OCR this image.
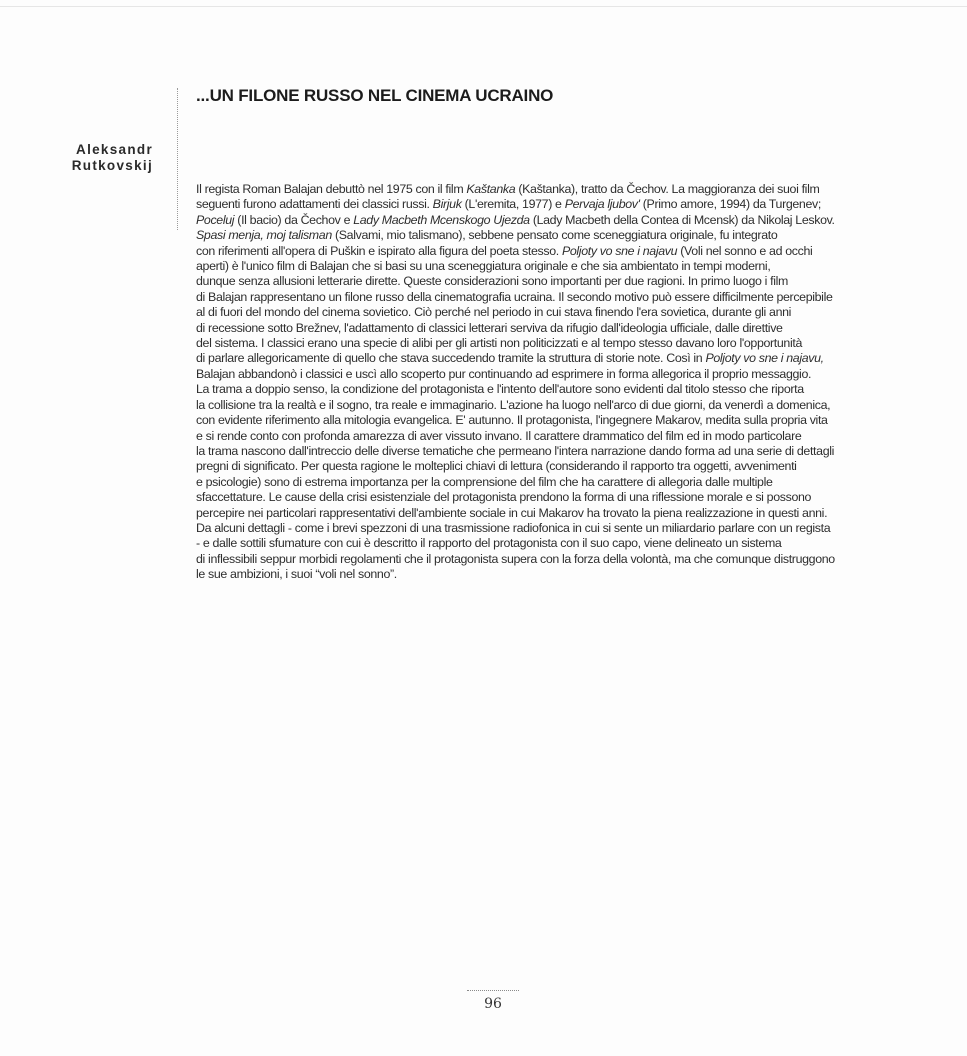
...UN FILONE RUSSO NEL CINEMA UCRAINO
Aleksandr
Rutkovskij
Il regista Roman Balajan debuttò nel 1975 con il film Kaštanka (Kaštanka), tratto da Čechov. La maggioranza dei suoi film
seguenti furono adattamenti dei classici russi. Birjuk (L'eremita, 1977) e Pervaja ljubov' (Primo amore, 1994) da Turgenev;
Poceluj (Il bacio) da Čechov e Lady Macbeth Mcenskogo Ujezda (Lady Macbeth della Contea di Mcensk) da Nikolaj Leskov.
Spasi menja, moj talisman (Salvami, mio talismano), sebbene pensato come sceneggiatura originale, fu integrato
con riferimenti all'opera di Puškin e ispirato alla figura del poeta stesso. Poljoty vo sne i najavu (Voli nel sonno e ad occhi
aperti) è l'unico film di Balajan che si basi su una sceneggiatura originale e che sia ambientato in tempi moderni,
dunque senza allusioni letterarie dirette. Queste considerazioni sono importanti per due ragioni. In primo luogo i film
di Balajan rappresentano un filone russo della cinematografia ucraina. Il secondo motivo può essere difficilmente percepibile
al di fuori del mondo del cinema sovietico. Ciò perché nel periodo in cui stava finendo l'era sovietica, durante gli anni
di recessione sotto Brežnev, l'adattamento di classici letterari serviva da rifugio dall'ideologia ufficiale, dalle direttive
del sistema. I classici erano una specie di alibi per gli artisti non politicizzati e al tempo stesso davano loro l'opportunità
di parlare allegoricamente di quello che stava succedendo tramite la struttura di storie note. Così in Poljoty vo sne i najavu,
Balajan abbandonò i classici e uscì allo scoperto pur continuando ad esprimere in forma allegorica il proprio messaggio.
La trama a doppio senso, la condizione del protagonista e l'intento dell'autore sono evidenti dal titolo stesso che riporta
la collisione tra la realtà e il sogno, tra reale e immaginario. L'azione ha luogo nell'arco di due giorni, da venerdì a domenica,
con evidente riferimento alla mitologia evangelica. E' autunno. Il protagonista, l'ingegnere Makarov, medita sulla propria vita
e si rende conto con profonda amarezza di aver vissuto invano. Il carattere drammatico del film ed in modo particolare
la trama nascono dall'intreccio delle diverse tematiche che permeano l'intera narrazione dando forma ad una serie di dettagli
pregni di significato. Per questa ragione le molteplici chiavi di lettura (considerando il rapporto tra oggetti, avvenimenti
e psicologie) sono di estrema importanza per la comprensione del film che ha carattere di allegoria dalle multiple
sfaccettature. Le cause della crisi esistenziale del protagonista prendono la forma di una riflessione morale e si possono
percepire nei particolari rappresentativi dell'ambiente sociale in cui Makarov ha trovato la piena realizzazione in questi anni.
Da alcuni dettagli - come i brevi spezzoni di una trasmissione radiofonica in cui si sente un miliardario parlare con un regista
- e dalle sottili sfumature con cui è descritto il rapporto del protagonista con il suo capo, viene delineato un sistema
di inflessibili seppur morbidi regolamenti che il protagonista supera con la forza della volontà, ma che comunque distruggono
le sue ambizioni, i suoi “voli nel sonno”.
96
